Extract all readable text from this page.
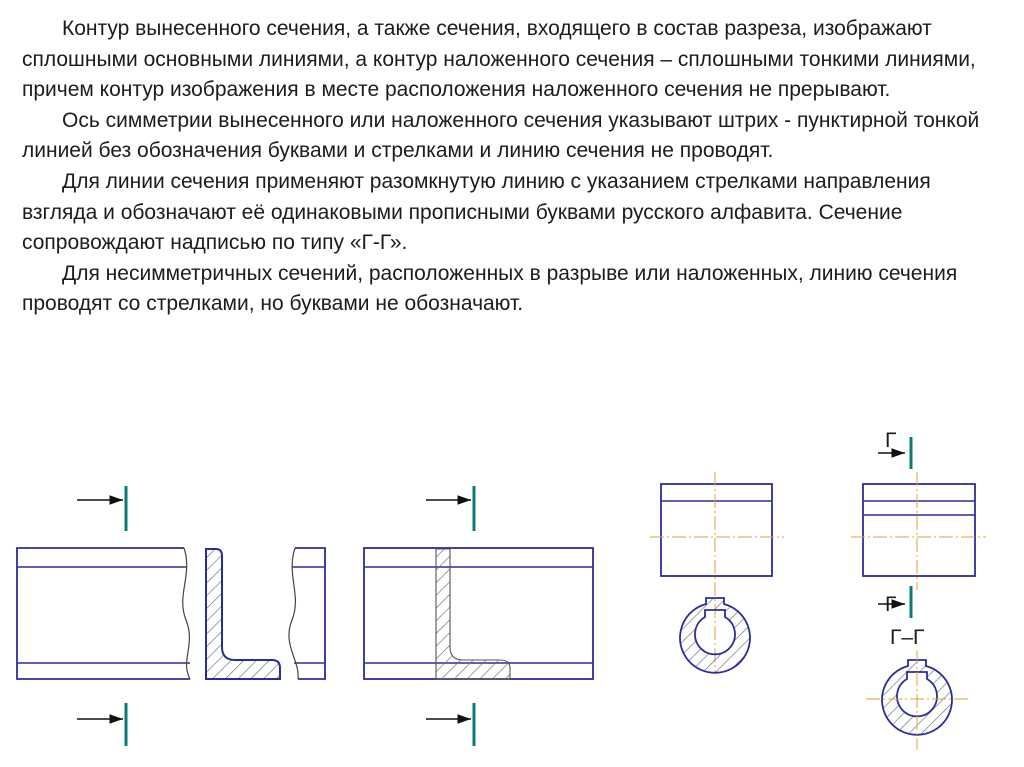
Контур вынесенного сечения, а также сечения, входящего в состав разреза, изображают сплошными основными линиями, а контур наложенного сечения – сплошными тонкими линиями, причем контур изображения в месте расположения наложенного сечения не прерывают.

Ось симметрии вынесенного или наложенного сечения указывают штрих - пунктирной тонкой линией без обозначения буквами и стрелками и линию сечения не проводят.

Для линии сечения применяют разомкнутую линию с указанием стрелками направления взгляда и обозначают её одинаковыми прописными буквами русского алфавита. Сечение сопровождают надписью по типу «Г-Г».

Для несимметричных сечений, расположенных в разрыве или наложенных, линию сечения проводят со стрелками, но буквами не обозначают.

Г
Г
Г–Г
